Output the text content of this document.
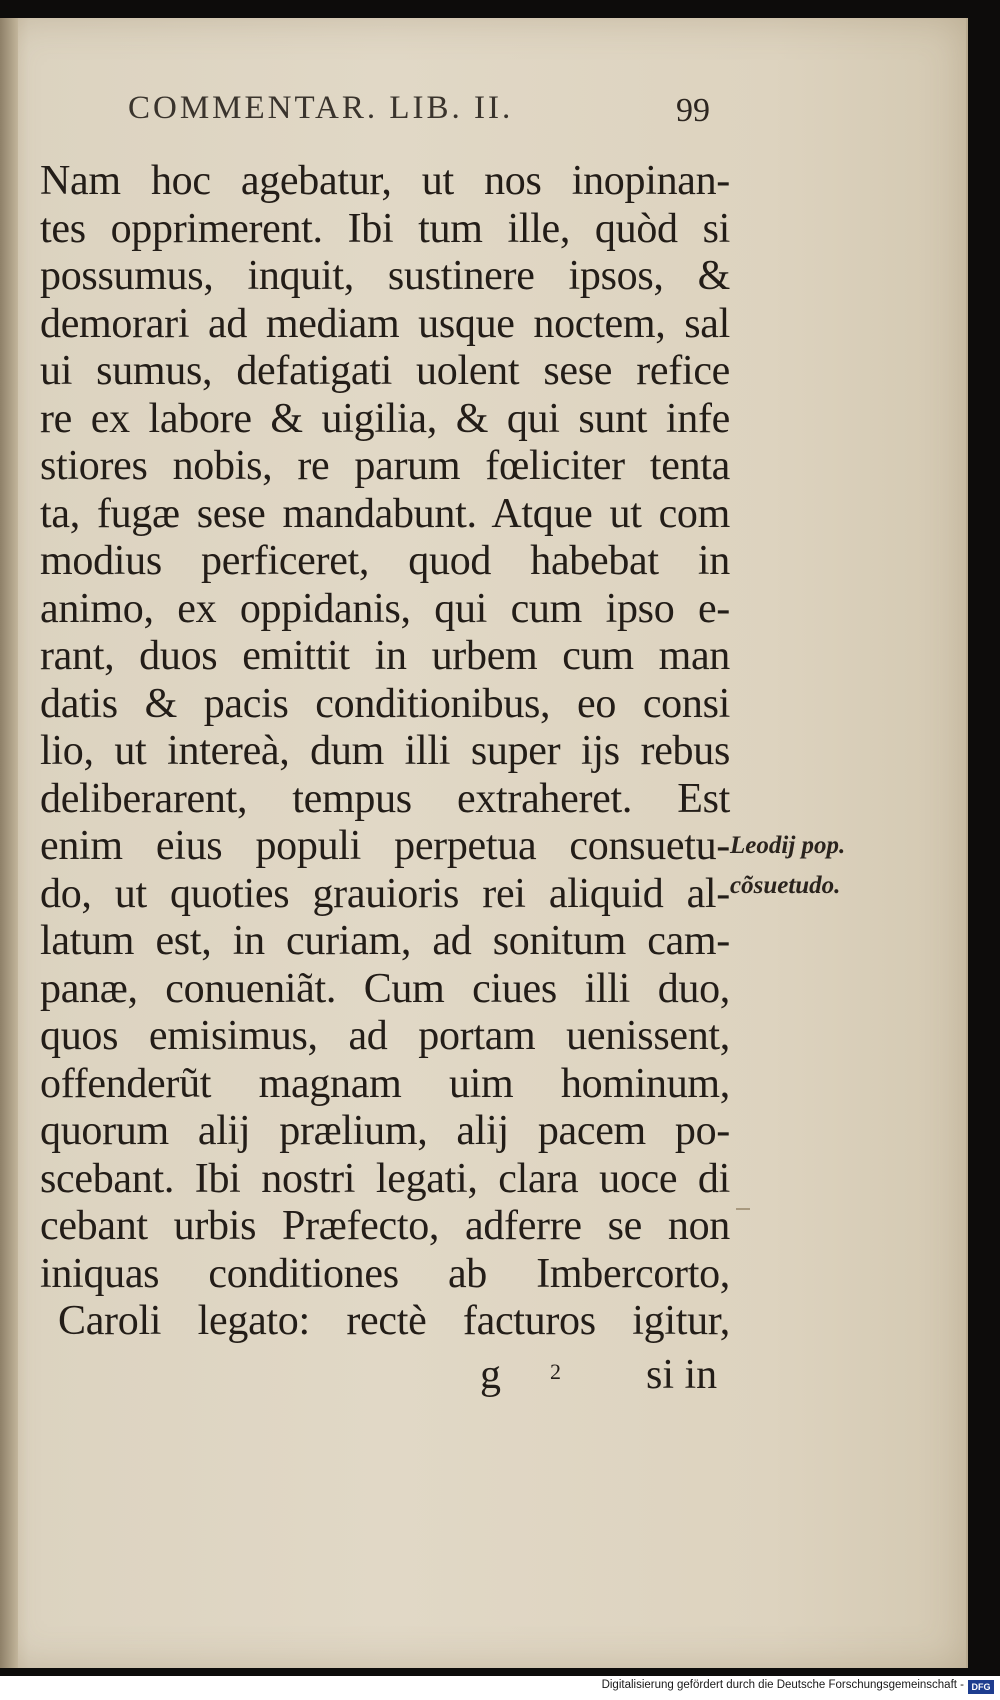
COMMENTAR. LIB. II.	99
Nam hoc agebatur, ut nos inopinan-
tes opprimerent. Ibi tum ille, quòd si
possumus, inquit, sustinere ipsos, &
demorari ad mediam usque noctem, sal
ui sumus, defatigati uolent sese refice
re ex labore & uigilia, & qui sunt infe
stiores nobis, re parum fœliciter tenta
ta, fugæ sese mandabunt. Atque ut com
modius perficeret, quod habebat in
animo, ex oppidanis, qui cum ipso e-
rant, duos emittit in urbem cum man
datis & pacis conditionibus, eo consi
lio, ut intereà, dum illi super ijs rebus
deliberarent, tempus extraheret. Est
enim eius populi perpetua consuetu-
do, ut quoties grauioris rei aliquid al-
latum est, in curiam, ad sonitum cam-
panæ, conueniãt. Cum ciues illi duo,
quos emisimus, ad portam uenissent,
offenderũt magnam uim hominum,
quorum alij prælium, alij pacem po-
scebant. Ibi nostri legati, clara uoce di
cebant urbis Præfecto, adferre se non
iniquas conditiones ab Imbercorto,
Caroli legato: rectè facturos igitur,
Leodij pop.
cõsuetudo.
g 2 si in
Digitalisierung gefördert durch die Deutsche Forschungsgemeinschaft - DFG
